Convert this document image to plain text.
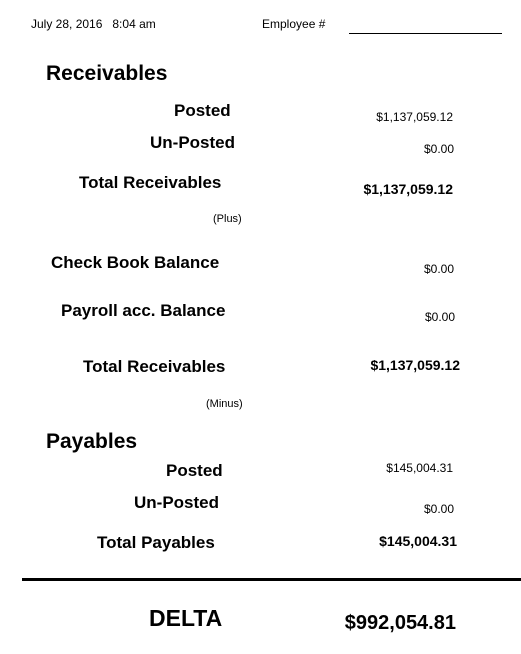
July 28, 2016   8:04 am	Employee #
Receivables
Posted	$1,137,059.12
Un-Posted	$0.00
Total Receivables	$1,137,059.12
(Plus)
Check Book Balance	$0.00
Payroll acc. Balance	$0.00
Total Receivables	$1,137,059.12
(Minus)
Payables
Posted	$145,004.31
Un-Posted	$0.00
Total Payables	$145,004.31
DELTA	$992,054.81
